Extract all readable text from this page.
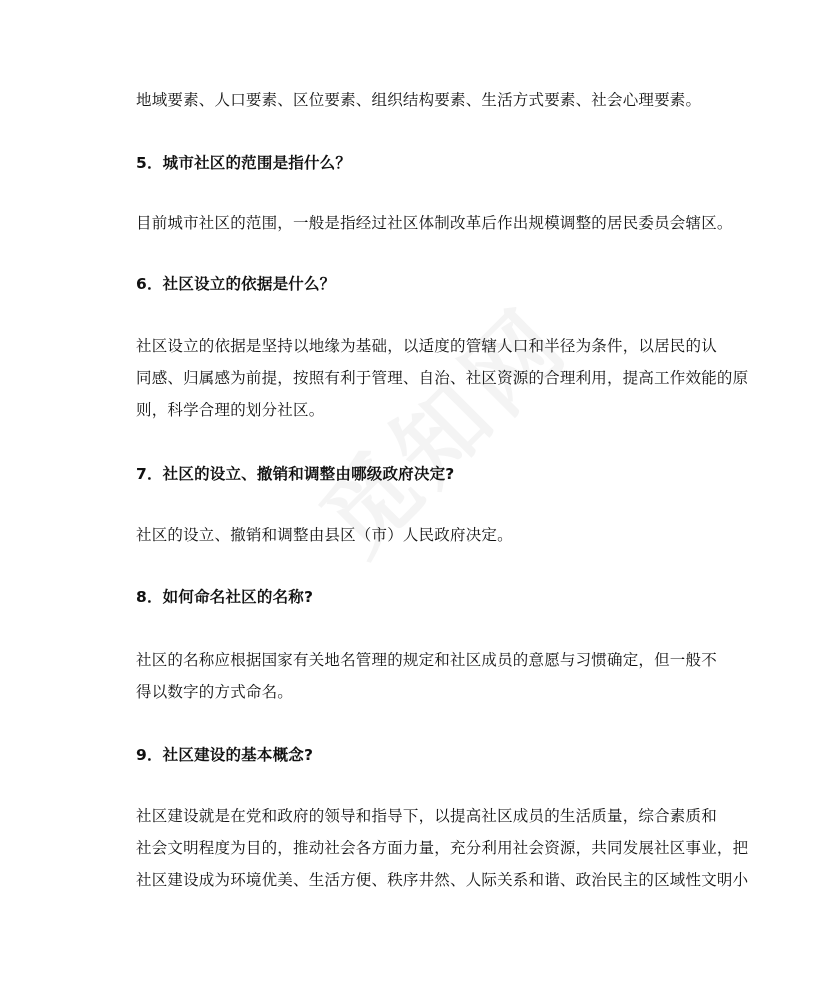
地域要素、人口要素、区位要素、组织结构要素、生活方式要素、社会心理要素。
5．城市社区的范围是指什么？
目前城市社区的范围，一般是指经过社区体制改革后作出规模调整的居民委员会辖区。
6．社区设立的依据是什么？
社区设立的依据是坚持以地缘为基础，以适度的管辖人口和半径为条件，以居民的认
同感、归属感为前提，按照有利于管理、自治、社区资源的合理利用，提高工作效能的原
则，科学合理的划分社区。
7．社区的设立、撤销和调整由哪级政府决定?
社区的设立、撤销和调整由县区（市）人民政府决定。
8．如何命名社区的名称?
社区的名称应根据国家有关地名管理的规定和社区成员的意愿与习惯确定，但一般不
得以数字的方式命名。
9．社区建设的基本概念?
社区建设就是在党和政府的领导和指导下，以提高社区成员的生活质量，综合素质和
社会文明程度为目的，推动社会各方面力量，充分利用社会资源，共同发展社区事业，把
社区建设成为环境优美、生活方便、秩序井然、人际关系和谐、政治民主的区域性文明小
